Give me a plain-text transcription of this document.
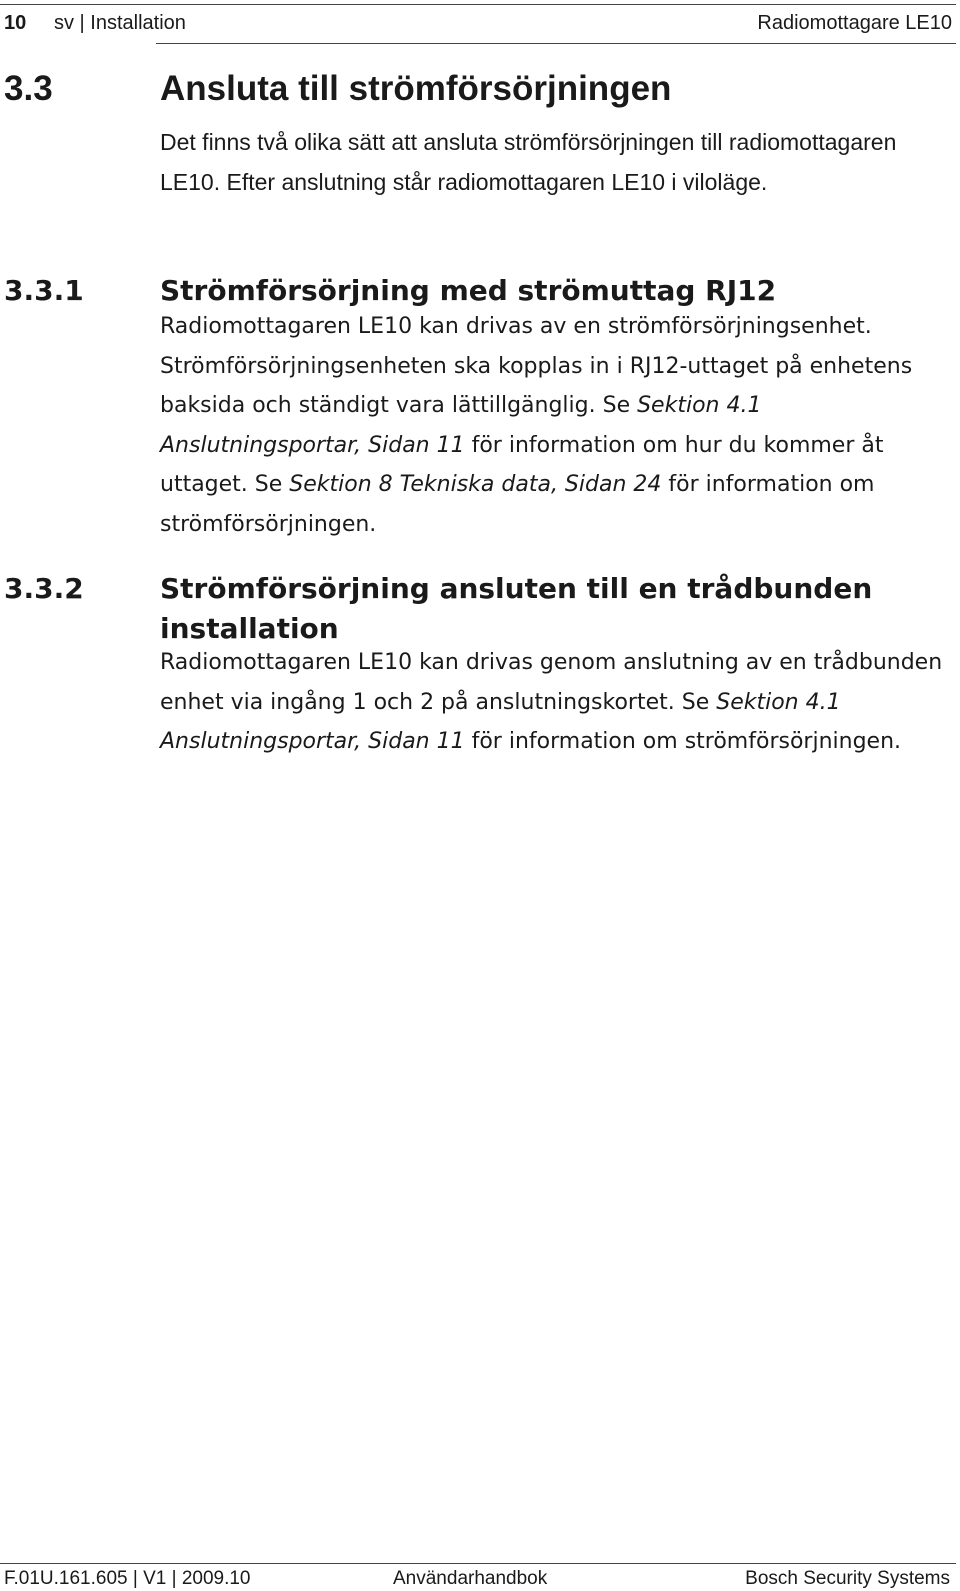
10 sv | Installation	Radiomottagare LE10
3.3	Ansluta till strömförsörjningen

Det finns två olika sätt att ansluta strömförsörjningen till radiomottagaren LE10. Efter anslutning står radiomottagaren LE10 i viloläge.

3.3.1	Strömförsörjning med strömuttag RJ12

Radiomottagaren LE10 kan drivas av en strömförsörjningsenhet. Strömförsörjningsenheten ska kopplas in i RJ12-uttaget på enhetens baksida och ständigt vara lättillgänglig. Se Sektion 4.1 Anslutningsportar, Sidan 11 för information om hur du kommer åt uttaget. Se Sektion 8 Tekniska data, Sidan 24 för information om strömförsörjningen.

3.3.2	Strömförsörjning ansluten till en trådbunden installation

Radiomottagaren LE10 kan drivas genom anslutning av en trådbunden enhet via ingång 1 och 2 på anslutningskortet. Se Sektion 4.1 Anslutningsportar, Sidan 11 för information om strömförsörjningen.

F.01U.161.605 | V1 | 2009.10	Användarhandbok	Bosch Security Systems
